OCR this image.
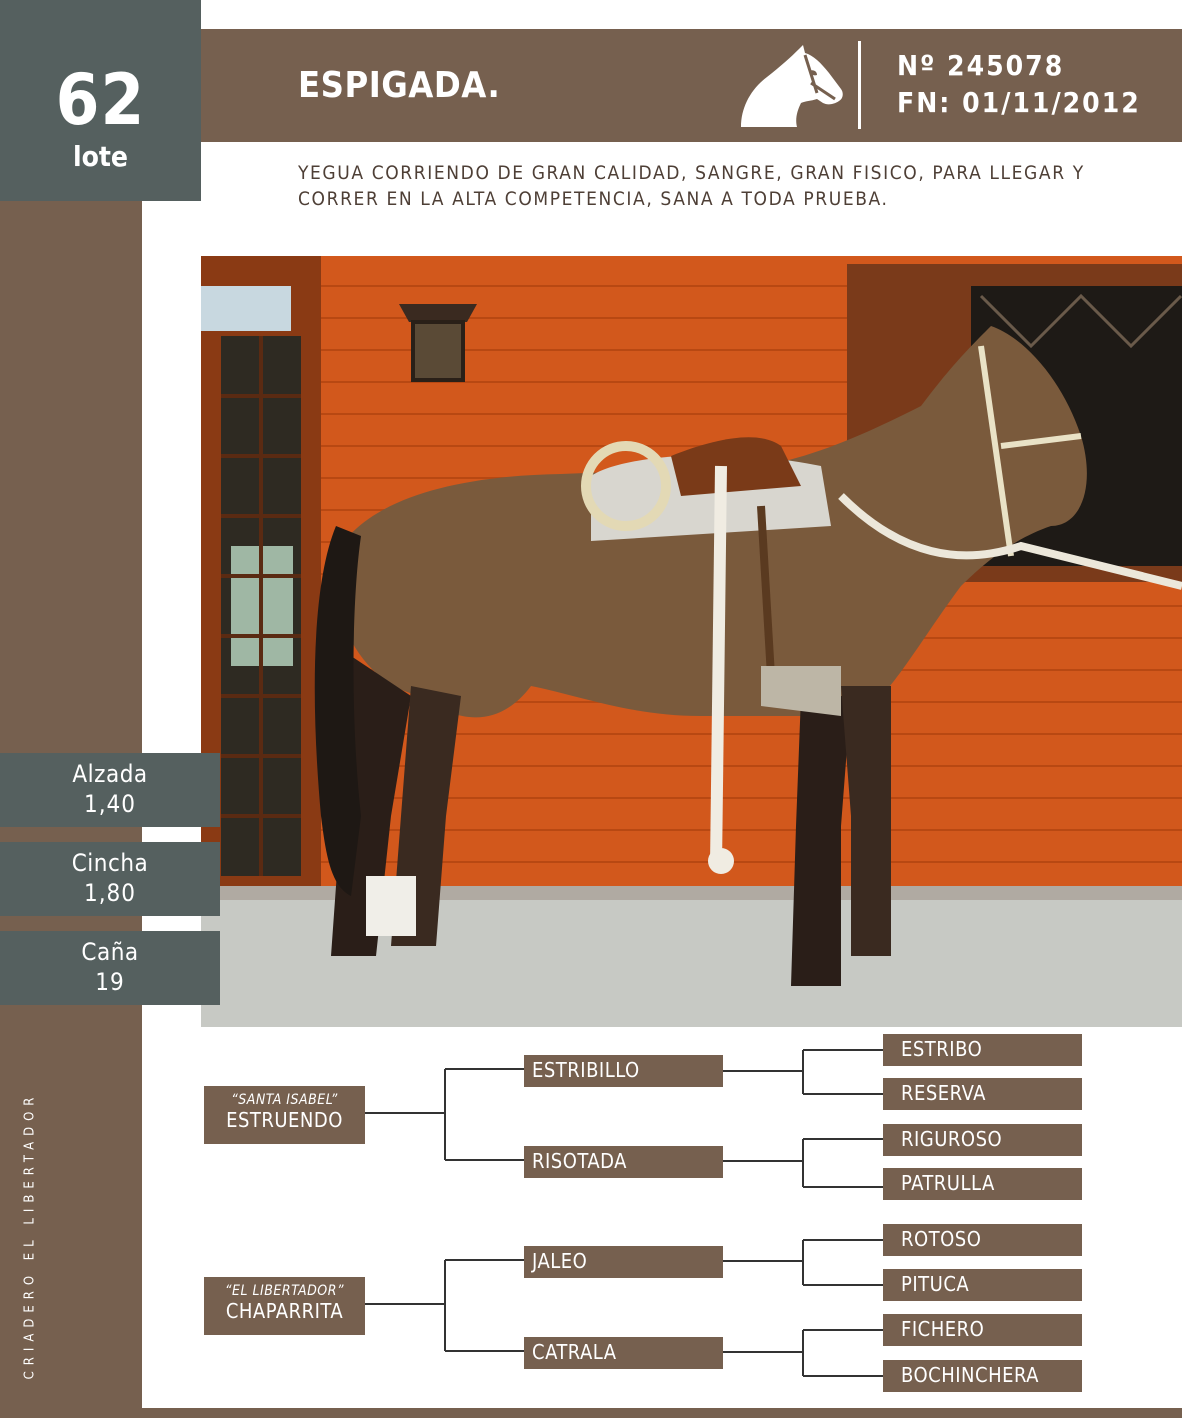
62
lote
ESPIGADA.	Nº 245078
FN: 01/11/2012
YEGUA CORRIENDO DE GRAN CALIDAD, SANGRE, GRAN FISICO, PARA LLEGAR Y CORRER EN LA ALTA COMPETENCIA, SANA A TODA PRUEBA.
Alzada
1,40
Cincha
1,80
Caña
19
CRIADERO EL LIBERTADOR	“SANTA ISABEL”
ESTRUENDO
“EL LIBERTADOR”
CHAPARRITA
ESTRIBILLO
RISOTADA
JALEO
CATRALA
ESTRIBO
RESERVA
RIGUROSO
PATRULLA
ROTOSO
PITUCA
FICHERO
BOCHINCHERA
